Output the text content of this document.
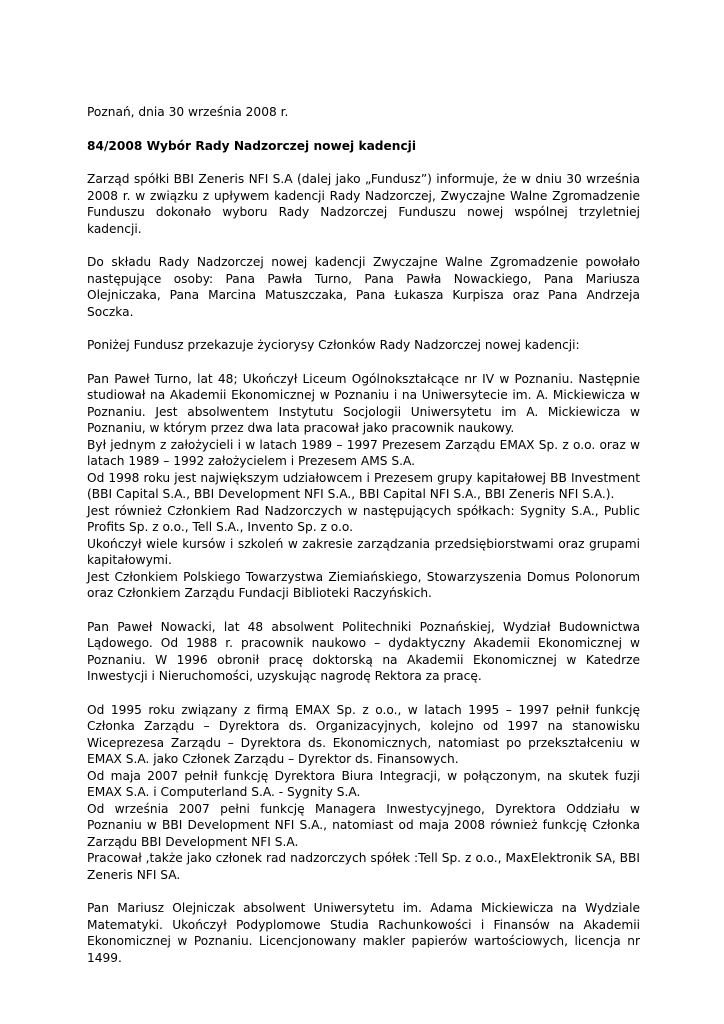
Poznań, dnia 30 września 2008 r.

84/2008 Wybór Rady Nadzorczej nowej kadencji

Zarząd spółki BBI Zeneris NFI S.A (dalej jako „Fundusz”) informuje, że w dniu 30 września 2008 r. w związku z upływem kadencji Rady Nadzorczej, Zwyczajne Walne Zgromadzenie Funduszu dokonało wyboru Rady Nadzorczej Funduszu nowej wspólnej trzyletniej kadencji.

Do składu Rady Nadzorczej nowej kadencji Zwyczajne Walne Zgromadzenie powołało następujące osoby: Pana Pawła Turno, Pana Pawła Nowackiego, Pana Mariusza Olejniczaka, Pana Marcina Matuszczaka, Pana Łukasza Kurpisza oraz Pana Andrzeja Soczka.

Poniżej Fundusz przekazuje życiorysy Członków Rady Nadzorczej nowej kadencji:

Pan Paweł Turno, lat 48; Ukończył Liceum Ogólnokształcące nr IV w Poznaniu. Następnie studiował na Akademii Ekonomicznej w Poznaniu i na Uniwersytecie im. A. Mickiewicza w Poznaniu. Jest absolwentem Instytutu Socjologii Uniwersytetu im A. Mickiewicza w Poznaniu, w którym przez dwa lata pracował jako pracownik naukowy.

Był jednym z założycieli i w latach 1989 – 1997 Prezesem Zarządu EMAX Sp. z o.o. oraz w latach 1989 – 1992 założycielem i Prezesem AMS S.A.

Od 1998 roku jest największym udziałowcem i Prezesem grupy kapitałowej BB Investment (BBI Capital S.A., BBI Development NFI S.A., BBI Capital NFI S.A., BBI Zeneris NFI S.A.).

Jest również Członkiem Rad Nadzorczych w następujących spółkach: Sygnity S.A., Public Profits Sp. z o.o., Tell S.A., Invento Sp. z o.o.

Ukończył wiele kursów i szkoleń w zakresie zarządzania przedsiębiorstwami oraz grupami kapitałowymi.

Jest Członkiem Polskiego Towarzystwa Ziemiańskiego, Stowarzyszenia Domus Polonorum oraz Członkiem Zarządu Fundacji Biblioteki Raczyńskich.

Pan Paweł Nowacki, lat 48 absolwent Politechniki Poznańskiej, Wydział Budownictwa Lądowego. Od 1988 r. pracownik naukowo – dydaktyczny Akademii Ekonomicznej w Poznaniu. W 1996 obronił pracę doktorską na Akademii Ekonomicznej w Katedrze Inwestycji i Nieruchomości, uzyskując nagrodę Rektora za pracę.

Od 1995 roku związany z firmą EMAX Sp. z o.o., w latach 1995 – 1997 pełnił funkcję Członka Zarządu – Dyrektora ds. Organizacyjnych, kolejno od 1997 na stanowisku Wiceprezesa Zarządu – Dyrektora ds. Ekonomicznych, natomiast po przekształceniu w EMAX S.A. jako Członek Zarządu – Dyrektor ds. Finansowych.

Od maja 2007 pełnił funkcję Dyrektora Biura Integracji, w połączonym, na skutek fuzji EMAX S.A. i Computerland S.A. - Sygnity S.A.

Od września 2007 pełni funkcję Managera Inwestycyjnego, Dyrektora Oddziału w Poznaniu w BBI Development NFI S.A., natomiast od maja 2008 również funkcję Członka Zarządu BBI Development NFI S.A.

Pracował ,także jako członek rad nadzorczych spółek :Tell Sp. z o.o., MaxElektronik SA, BBI Zeneris NFI SA.

Pan Mariusz Olejniczak absolwent Uniwersytetu im. Adama Mickiewicza na Wydziale Matematyki. Ukończył Podyplomowe Studia Rachunkowości i Finansów na Akademii Ekonomicznej w Poznaniu. Licencjonowany makler papierów wartościowych, licencja nr 1499.
